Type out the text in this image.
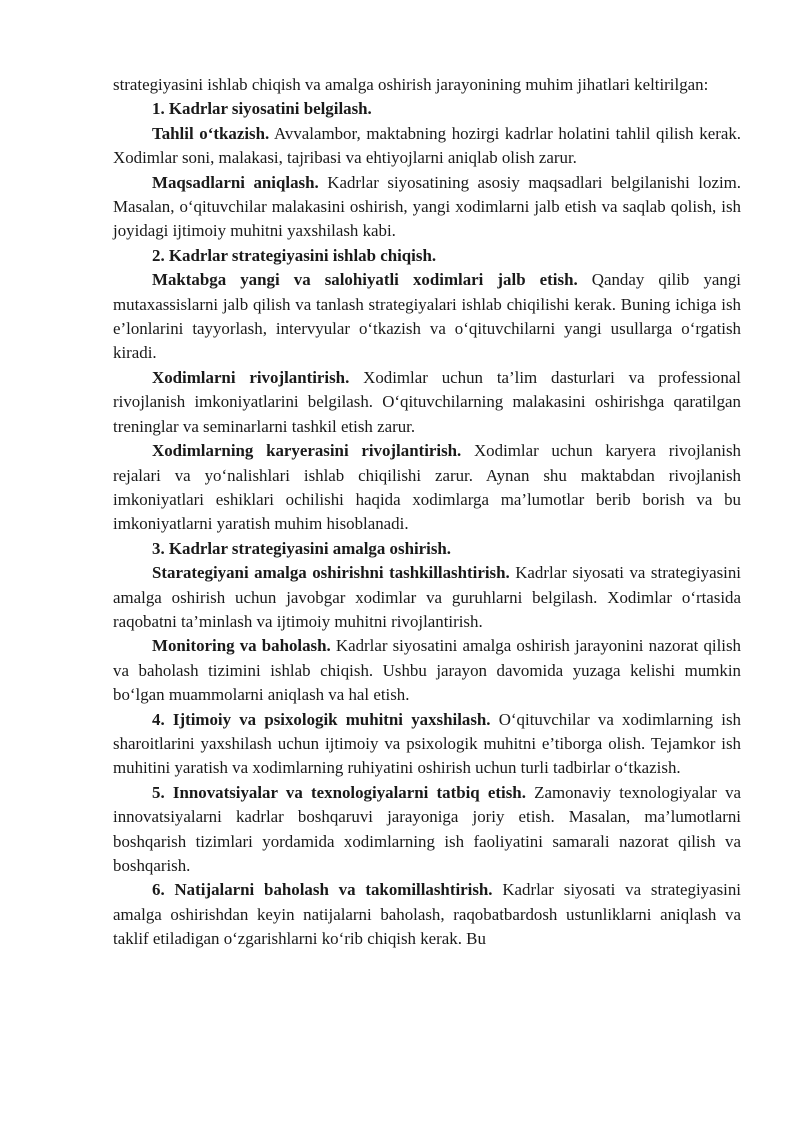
strategiyasini ishlab chiqish va amalga oshirish jarayonining muhim jihatlari keltirilgan:

1. Kadrlar siyosatini belgilash.

Tahlil o‘tkazish. Avvalambor, maktabning hozirgi kadrlar holatini tahlil qilish kerak. Xodimlar soni, malakasi, tajribasi va ehtiyojlarni aniqlab olish zarur.

Maqsadlarni aniqlash. Kadrlar siyosatining asosiy maqsadlari belgilanishi lozim. Masalan, o‘qituvchilar malakasini oshirish, yangi xodimlarni jalb etish va saqlab qolish, ish joyidagi ijtimoiy muhitni yaxshilash kabi.

2. Kadrlar strategiyasini ishlab chiqish.

Maktabga yangi va salohiyatli xodimlari jalb etish. Qanday qilib yangi mutaxassislarni jalb qilish va tanlash strategiyalari ishlab chiqilishi kerak. Buning ichiga ish e’lonlarini tayyorlash, intervyular o‘tkazish va o‘qituvchilarni yangi usullarga o‘rgatish kiradi.

Xodimlarni rivojlantirish. Xodimlar uchun ta’lim dasturlari va professional rivojlanish imkoniyatlarini belgilash. O‘qituvchilarning malakasini oshirishga qaratilgan treninglar va seminarlarni tashkil etish zarur.

Xodimlarning karyerasini rivojlantirish. Xodimlar uchun karyera rivojlanish rejalari va yo‘nalishlari ishlab chiqilishi zarur. Aynan shu maktabdan rivojlanish imkoniyatlari eshiklari ochilishi haqida xodimlarga ma’lumotlar berib borish va bu imkoniyatlarni yaratish muhim hisoblanadi.

3. Kadrlar strategiyasini amalga oshirish.

Starategiyani amalga oshirishni tashkillashtirish. Kadrlar siyosati va strategiyasini amalga oshirish uchun javobgar xodimlar va guruhlarni belgilash. Xodimlar o‘rtasida raqobatni ta’minlash va ijtimoiy muhitni rivojlantirish.

Monitoring va baholash. Kadrlar siyosatini amalga oshirish jarayonini nazorat qilish va baholash tizimini ishlab chiqish. Ushbu jarayon davomida yuzaga kelishi mumkin bo‘lgan muammolarni aniqlash va hal etish.

4. Ijtimoiy va psixologik muhitni yaxshilash. O‘qituvchilar va xodimlarning ish sharoitlarini yaxshilash uchun ijtimoiy va psixologik muhitni e’tiborga olish. Tejamkor ish muhitini yaratish va xodimlarning ruhiyatini oshirish uchun turli tadbirlar o‘tkazish.

5. Innovatsiyalar va texnologiyalarni tatbiq etish. Zamonaviy texnologiyalar va innovatsiyalarni kadrlar boshqaruvi jarayoniga joriy etish. Masalan, ma’lumotlarni boshqarish tizimlari yordamida xodimlarning ish faoliyatini samarali nazorat qilish va boshqarish.

6. Natijalarni baholash va takomillashtirish. Kadrlar siyosati va strategiyasini amalga oshirishdan keyin natijalarni baholash, raqobatbardosh ustunliklarni aniqlash va taklif etiladigan o‘zgarishlarni ko‘rib chiqish kerak. Bu
